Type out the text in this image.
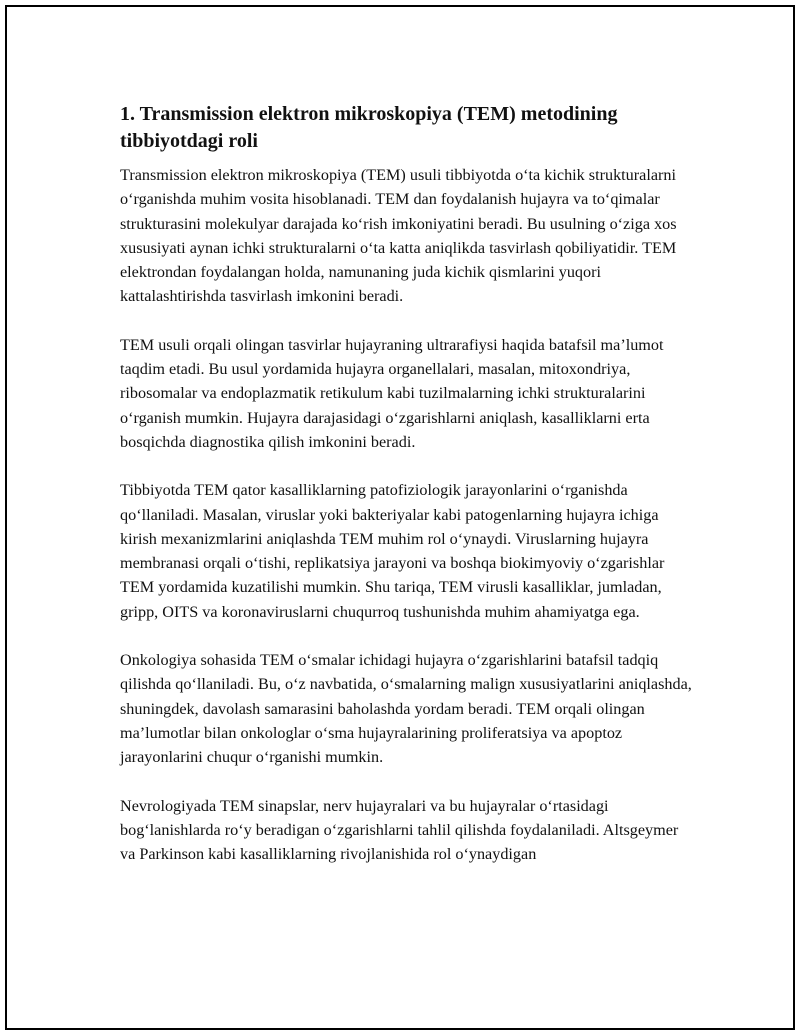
1. Transmission elektron mikroskopiya (TEM) metodining tibbiyotdagi roli

Transmission elektron mikroskopiya (TEM) usuli tibbiyotda o‘ta kichik strukturalarni o‘rganishda muhim vosita hisoblanadi. TEM dan foydalanish hujayra va to‘qimalar strukturasini molekulyar darajada ko‘rish imkoniyatini beradi. Bu usulning o‘ziga xos xususiyati aynan ichki strukturalarni o‘ta katta aniqlikda tasvirlash qobiliyatidir. TEM elektrondan foydalangan holda, namunaning juda kichik qismlarini yuqori kattalashtirishda tasvirlash imkonini beradi.

TEM usuli orqali olingan tasvirlar hujayraning ultrarafiysi haqida batafsil ma’lumot taqdim etadi. Bu usul yordamida hujayra organellalari, masalan, mitoxondriya, ribosomalar va endoplazmatik retikulum kabi tuzilmalarning ichki strukturalarini o‘rganish mumkin. Hujayra darajasidagi o‘zgarishlarni aniqlash, kasalliklarni erta bosqichda diagnostika qilish imkonini beradi.

Tibbiyotda TEM qator kasalliklarning patofiziologik jarayonlarini o‘rganishda qo‘llaniladi. Masalan, viruslar yoki bakteriyalar kabi patogenlarning hujayra ichiga kirish mexanizmlarini aniqlashda TEM muhim rol o‘ynaydi. Viruslarning hujayra membranasi orqali o‘tishi, replikatsiya jarayoni va boshqa biokimyoviy o‘zgarishlar TEM yordamida kuzatilishi mumkin. Shu tariqa, TEM virusli kasalliklar, jumladan, gripp, OITS va koronaviruslarni chuqurroq tushunishda muhim ahamiyatga ega.

Onkologiya sohasida TEM o‘smalar ichidagi hujayra o‘zgarishlarini batafsil tadqiq qilishda qo‘llaniladi. Bu, o‘z navbatida, o‘smalarning malign xususiyatlarini aniqlashda, shuningdek, davolash samarasini baholashda yordam beradi. TEM orqali olingan ma’lumotlar bilan onkologlar o‘sma hujayralarining proliferatsiya va apoptoz jarayonlarini chuqur o‘rganishi mumkin.

Nevrologiyada TEM sinapslar, nerv hujayralari va bu hujayralar o‘rtasidagi bog‘lanishlarda ro‘y beradigan o‘zgarishlarni tahlil qilishda foydalaniladi. Altsgeymer va Parkinson kabi kasalliklarning rivojlanishida rol o‘ynaydigan
